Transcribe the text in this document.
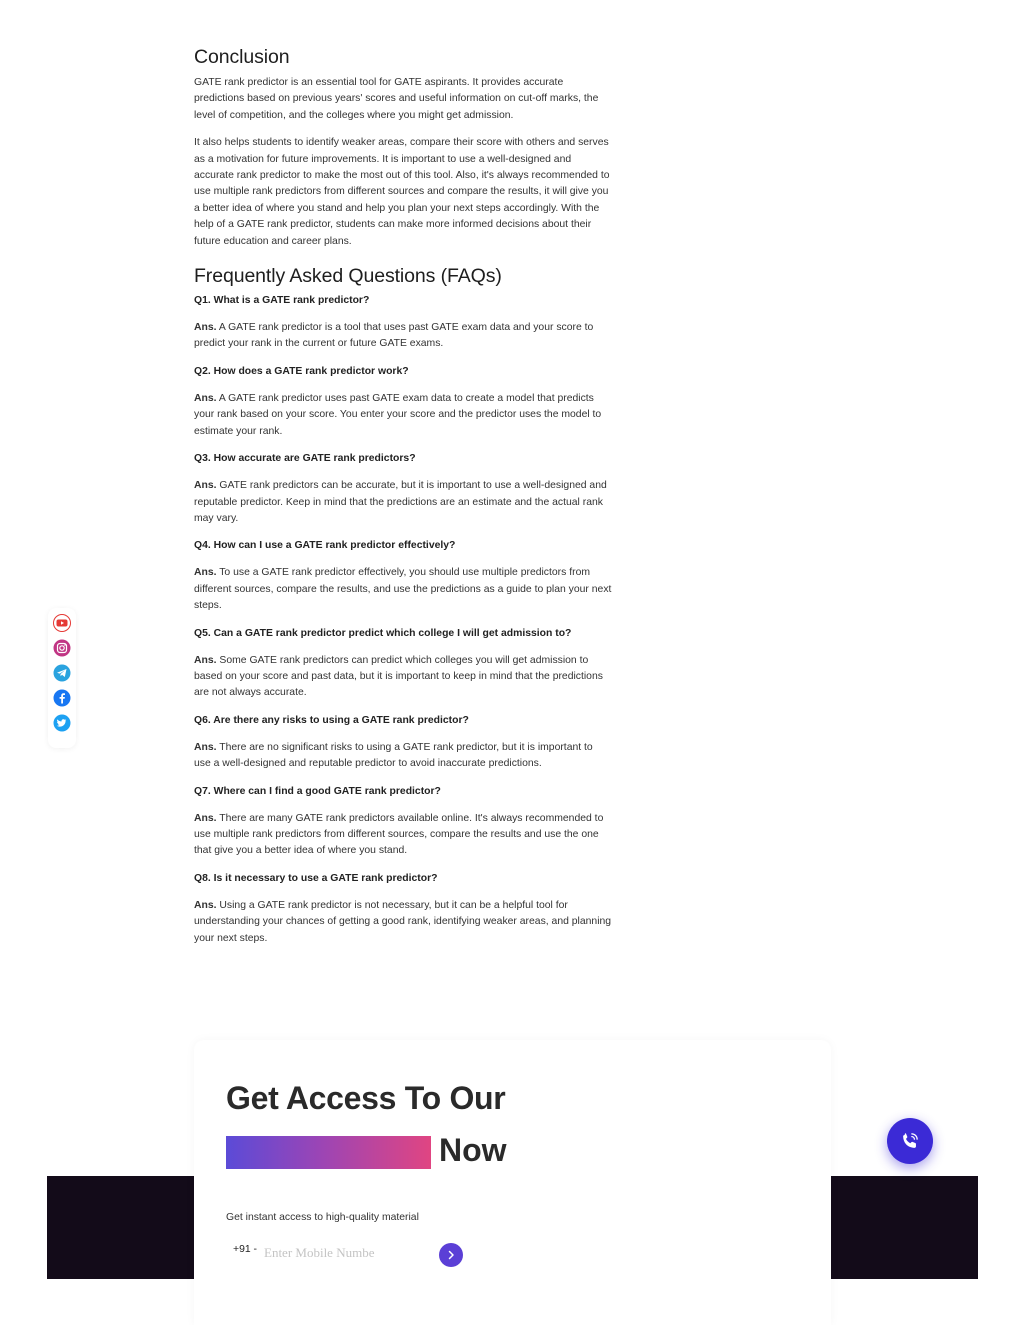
Conclusion

GATE rank predictor is an essential tool for GATE aspirants. It provides accurate predictions based on previous years' scores and useful information on cut-off marks, the level of competition, and the colleges where you might get admission.

It also helps students to identify weaker areas, compare their score with others and serves as a motivation for future improvements. It is important to use a well-designed and accurate rank predictor to make the most out of this tool. Also, it's always recommended to use multiple rank predictors from different sources and compare the results, it will give you a better idea of where you stand and help you plan your next steps accordingly. With the help of a GATE rank predictor, students can make more informed decisions about their future education and career plans.

Frequently Asked Questions (FAQs)

Q1. What is a GATE rank predictor?

Ans. A GATE rank predictor is a tool that uses past GATE exam data and your score to predict your rank in the current or future GATE exams.

Q2. How does a GATE rank predictor work?

Ans. A GATE rank predictor uses past GATE exam data to create a model that predicts your rank based on your score. You enter your score and the predictor uses the model to estimate your rank.

Q3. How accurate are GATE rank predictors?

Ans. GATE rank predictors can be accurate, but it is important to use a well-designed and reputable predictor. Keep in mind that the predictions are an estimate and the actual rank may vary.

Q4. How can I use a GATE rank predictor effectively?

Ans. To use a GATE rank predictor effectively, you should use multiple predictors from different sources, compare the results, and use the predictions as a guide to plan your next steps.

Q5. Can a GATE rank predictor predict which college I will get admission to?

Ans. Some GATE rank predictors can predict which colleges you will get admission to based on your score and past data, but it is important to keep in mind that the predictions are not always accurate.

Q6. Are there any risks to using a GATE rank predictor?

Ans. There are no significant risks to using a GATE rank predictor, but it is important to use a well-designed and reputable predictor to avoid inaccurate predictions.

Q7. Where can I find a good GATE rank predictor?

Ans. There are many GATE rank predictors available online. It's always recommended to use multiple rank predictors from different sources, compare the results and use the one that give you a better idea of where you stand.

Q8. Is it necessary to use a GATE rank predictor?

Ans. Using a GATE rank predictor is not necessary, but it can be a helpful tool for understanding your chances of getting a good rank, identifying weaker areas, and planning your next steps.

Get Access To Our
Now

Get instant access to high-quality material

+91 -
Enter Mobile Numbe
